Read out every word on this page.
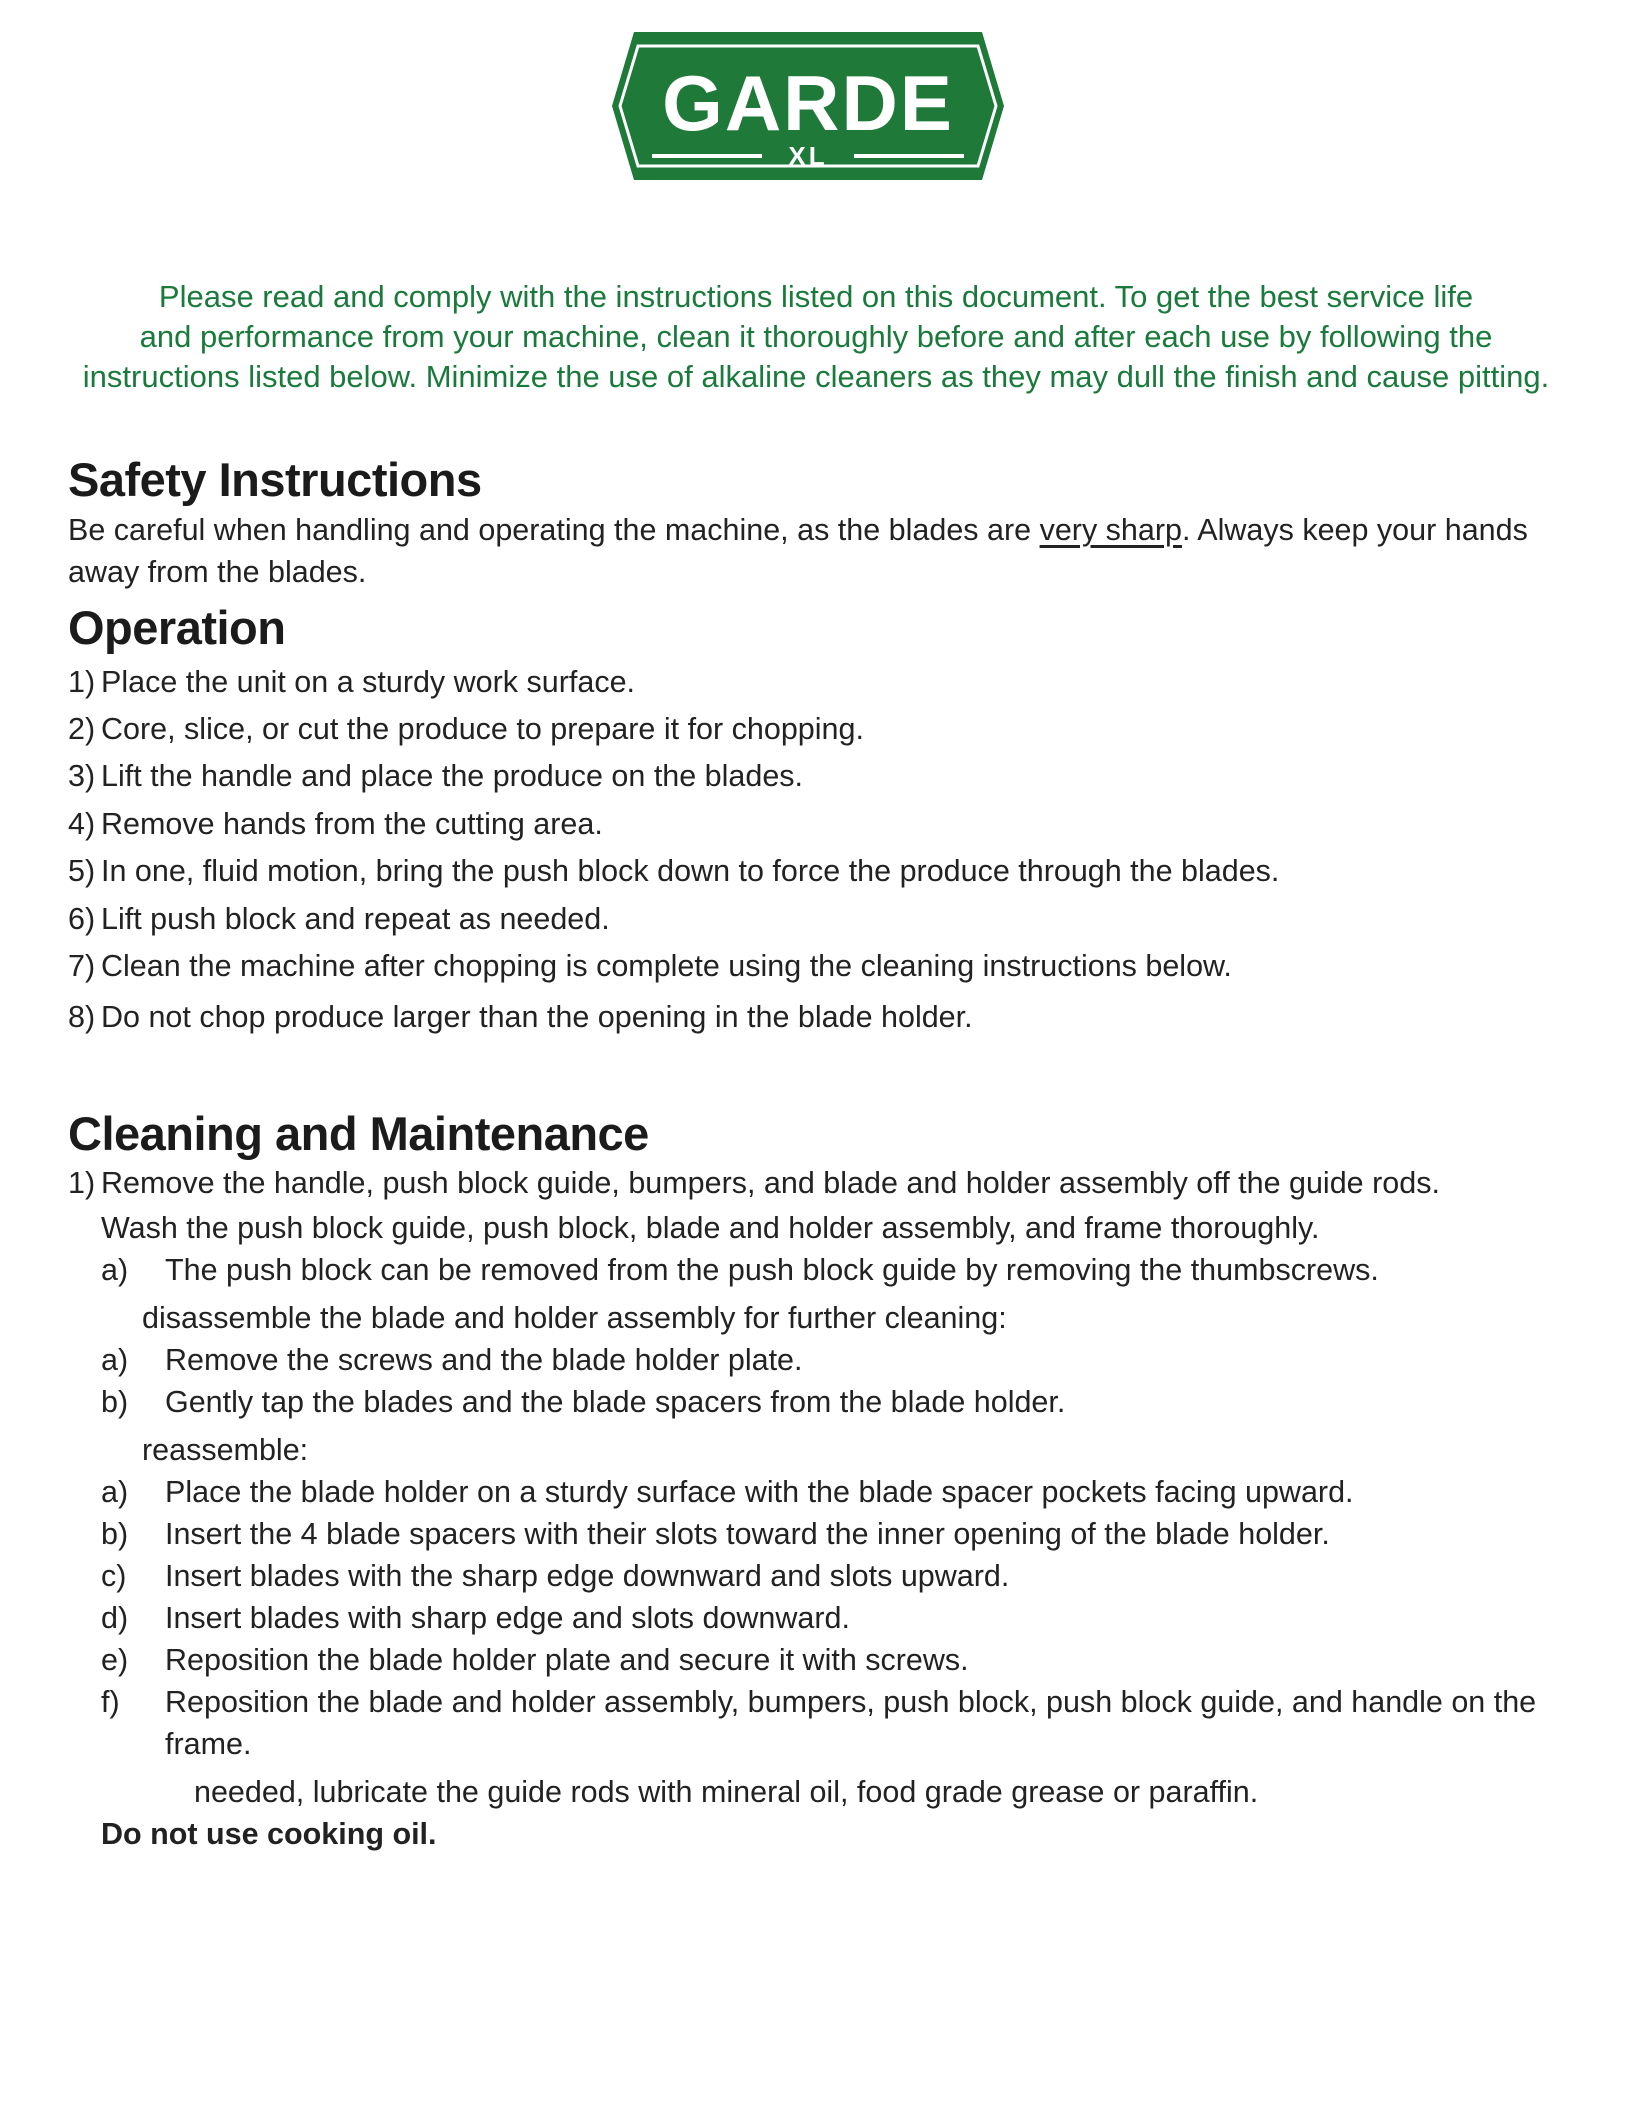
GARDE
XL
Please read and comply with the instructions listed on this document. To get the best service life
and performance from your machine, clean it thoroughly before and after each use by following the
instructions listed below. Minimize the use of alkaline cleaners as they may dull the finish and cause pitting.
Safety Instructions
Be careful when handling and operating the machine, as the blades are very sharp. Always keep your hands
away from the blades.
Operation
1) Place the unit on a sturdy work surface.
2) Core, slice, or cut the produce to prepare it for chopping.
3) Lift the handle and place the produce on the blades.
4) Remove hands from the cutting area.
5) In one, fluid motion, bring the push block down to force the produce through the blades.
6) Lift push block and repeat as needed.
7) Clean the machine after chopping is complete using the cleaning instructions below.
8) Do not chop produce larger than the opening in the blade holder.
Cleaning and Maintenance
1) Remove the handle, push block guide, bumpers, and blade and holder assembly off the guide rods.
Wash the push block guide, push block, blade and holder assembly, and frame thoroughly.
a) The push block can be removed from the push block guide by removing the thumbscrews.
disassemble the blade and holder assembly for further cleaning:
a) Remove the screws and the blade holder plate.
b) Gently tap the blades and the blade spacers from the blade holder.
reassemble:
a) Place the blade holder on a sturdy surface with the blade spacer pockets facing upward.
b) Insert the 4 blade spacers with their slots toward the inner opening of the blade holder.
c) Insert blades with the sharp edge downward and slots upward.
d) Insert blades with sharp edge and slots downward.
e) Reposition the blade holder plate and secure it with screws.
f) Reposition the blade and holder assembly, bumpers, push block, push block guide, and handle on the
frame.
needed, lubricate the guide rods with mineral oil, food grade grease or paraffin.
Do not use cooking oil.
